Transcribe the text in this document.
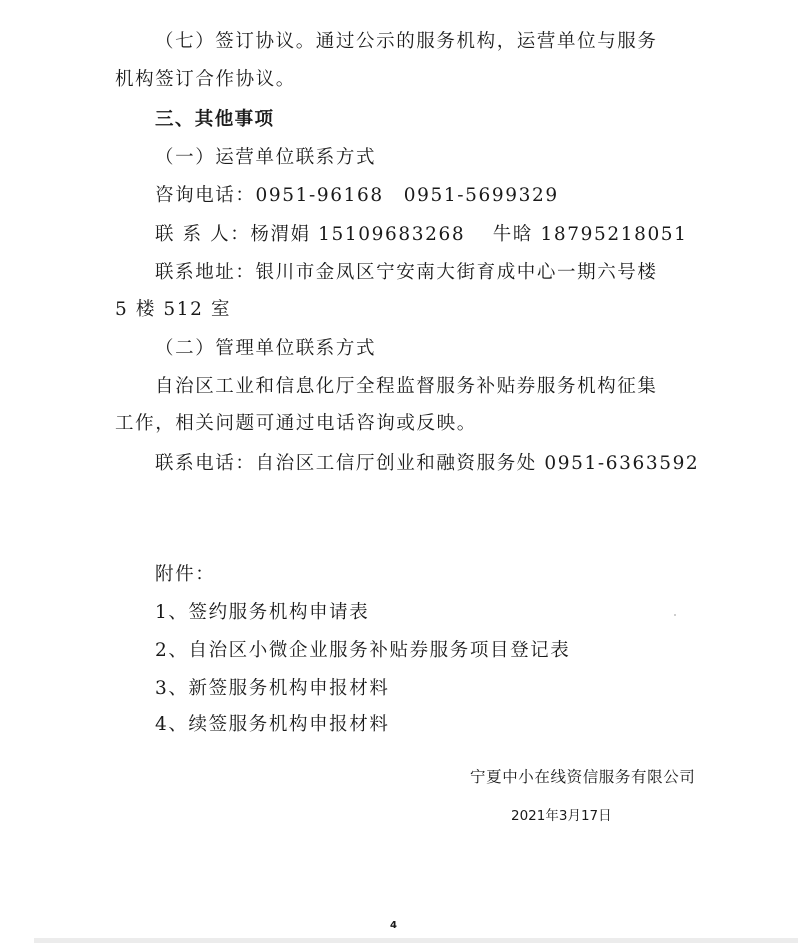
（七）签订协议。通过公示的服务机构，运营单位与服务
机构签订合作协议。
三、其他事项
（一）运营单位联系方式
咨询电话：0951-96168　0951-5699329
联 系 人：杨渭娟 15109683268　 牛晗 18795218051
联系地址：银川市金凤区宁安南大街育成中心一期六号楼
5 楼 512 室
（二）管理单位联系方式
自治区工业和信息化厅全程监督服务补贴券服务机构征集
工作，相关问题可通过电话咨询或反映。
联系电话：自治区工信厅创业和融资服务处 0951-6363592
附件：
1、签约服务机构申请表
2、自治区小微企业服务补贴券服务项目登记表
3、新签服务机构申报材料
4、续签服务机构申报材料
宁夏中小在线资信服务有限公司
2021年3月17日
4
